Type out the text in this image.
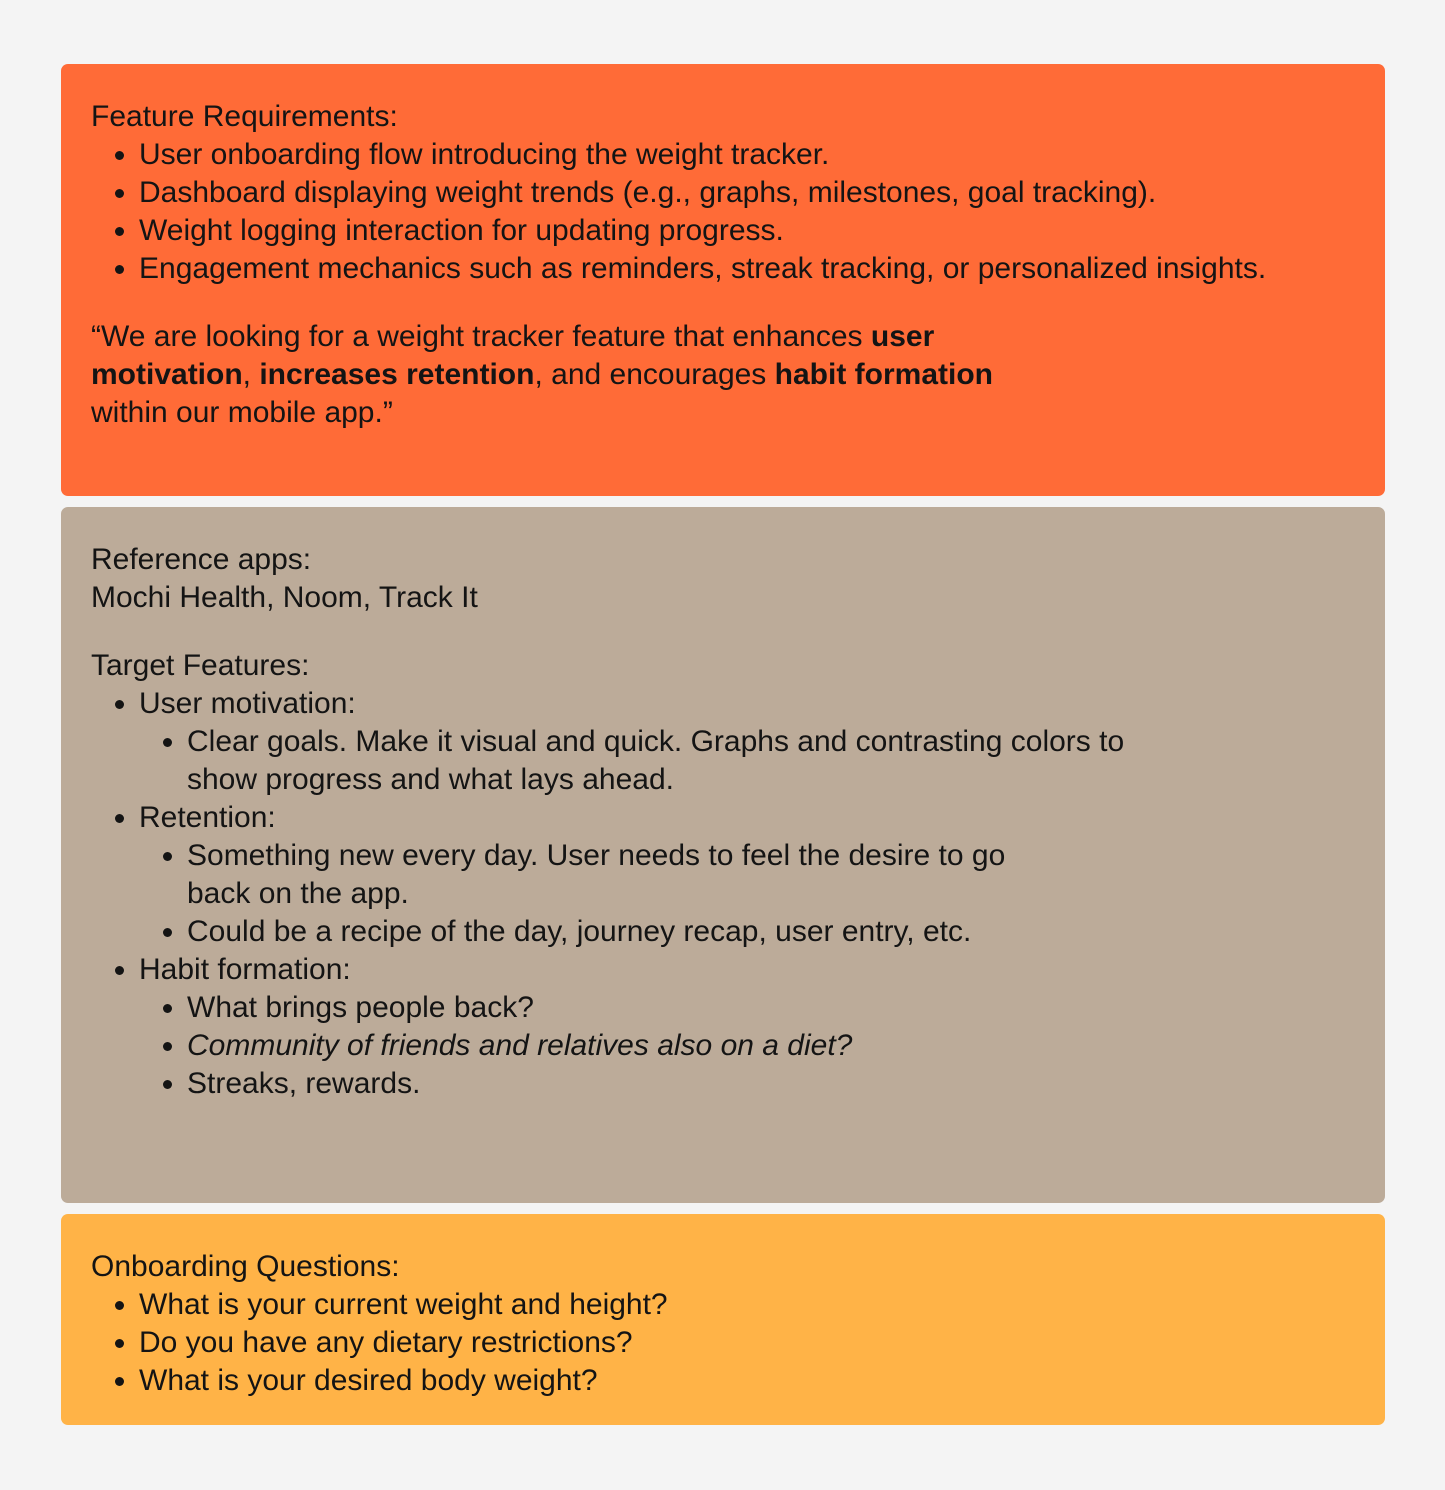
Feature Requirements:

• User onboarding flow introducing the weight tracker.
• Dashboard displaying weight trends (e.g., graphs, milestones, goal tracking).
• Weight logging interaction for updating progress.
• Engagement mechanics such as reminders, streak tracking, or personalized insights.

“We are looking for a weight tracker feature that enhances user motivation, increases retention, and encourages habit formation within our mobile app.”

Reference apps:

Mochi Health, Noom, Track It

Target Features:

• User motivation:
• Clear goals. Make it visual and quick. Graphs and contrasting colors to show progress and what lays ahead.
• Retention:
• Something new every day. User needs to feel the desire to go back on the app.
• Could be a recipe of the day, journey recap, user entry, etc.
• Habit formation:
• What brings people back?
• Community of friends and relatives also on a diet?
• Streaks, rewards.

Onboarding Questions:

• What is your current weight and height?
• Do you have any dietary restrictions?
• What is your desired body weight?
